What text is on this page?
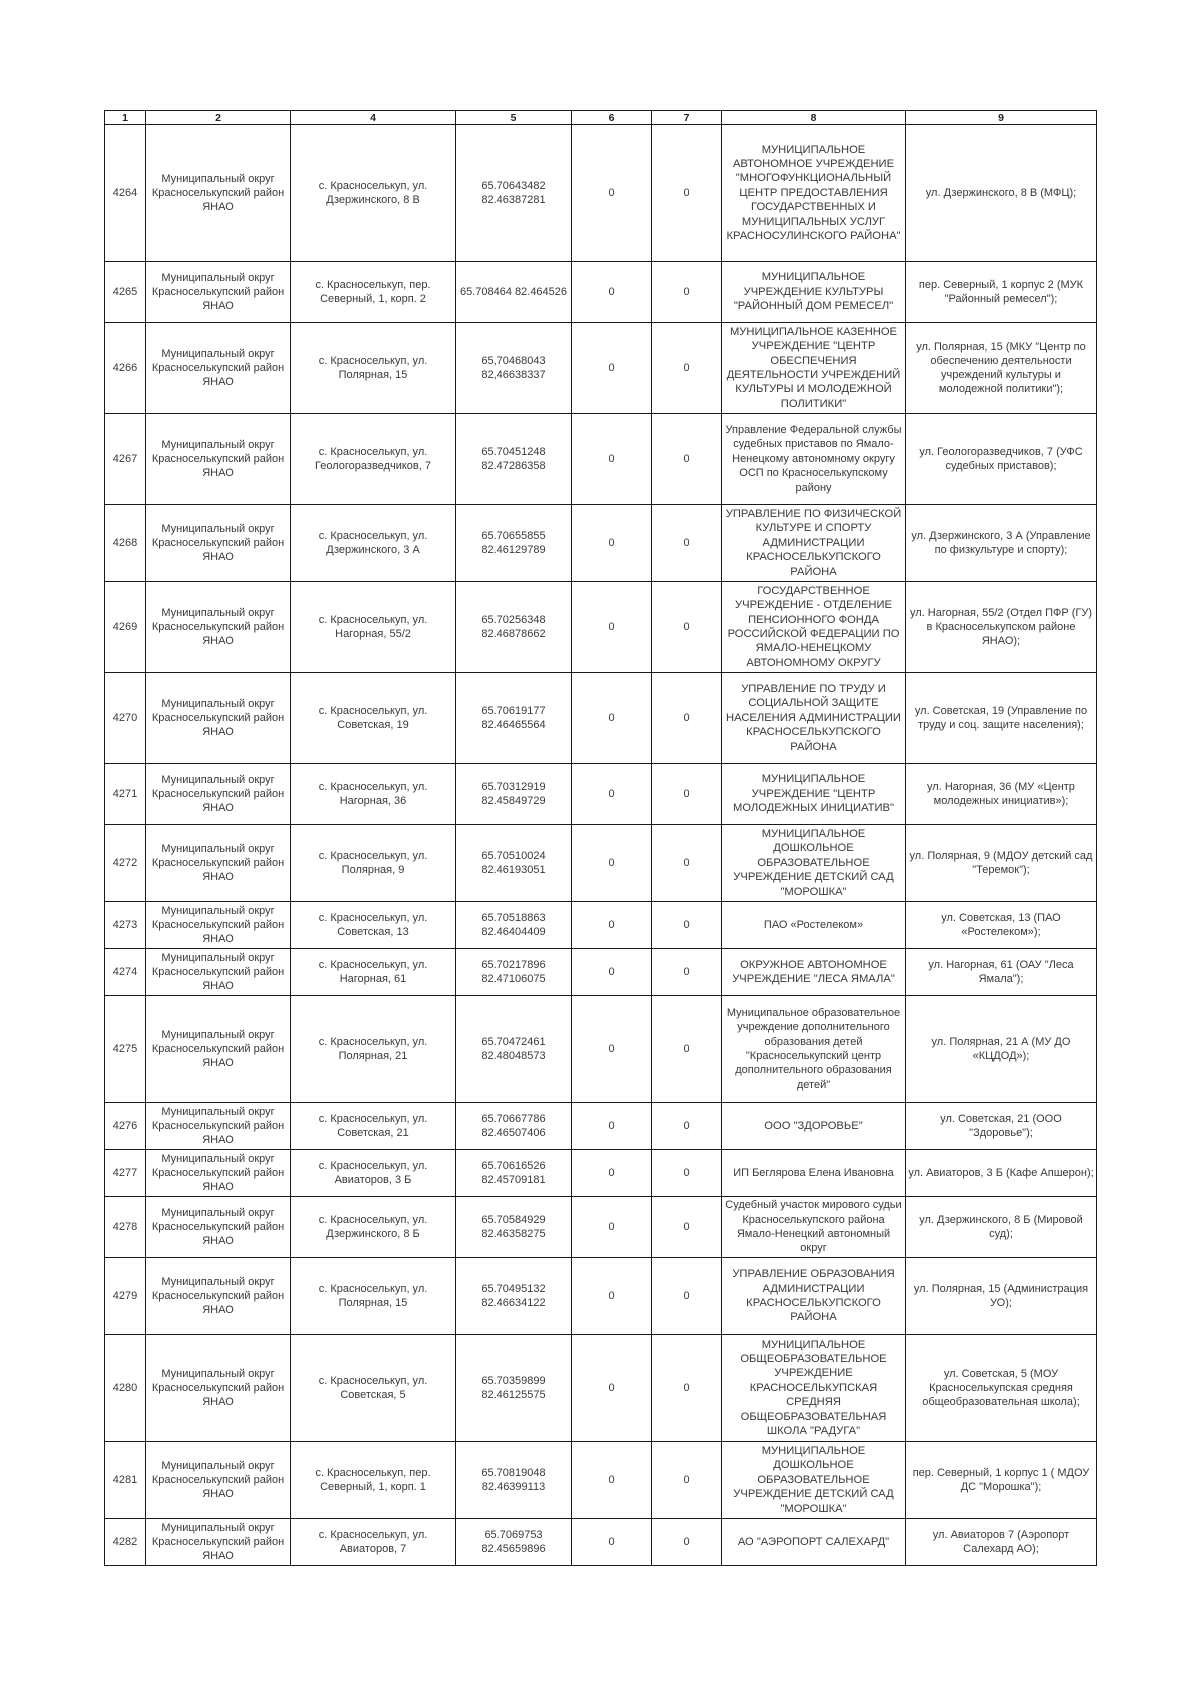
1	2	4	5	6	7	8	9
4264	Муниципальный округ Красноселькупский район ЯНАО	с. Красноселькуп, ул. Дзержинского, 8 В	65.70643482 82.46387281	0	0	МУНИЦИПАЛЬНОЕ АВТОНОМНОЕ УЧРЕЖДЕНИЕ "МНОГОФУНКЦИОНАЛЬНЫЙ ЦЕНТР ПРЕДОСТАВЛЕНИЯ ГОСУДАРСТВЕННЫХ И МУНИЦИПАЛЬНЫХ УСЛУГ КРАСНОСУЛИНСКОГО РАЙОНА"	ул. Дзержинского, 8 В (МФЦ);
4265	Муниципальный округ Красноселькупский район ЯНАО	с. Красноселькуп, пер. Северный, 1, корп. 2	65.708464 82.464526	0	0	МУНИЦИПАЛЬНОЕ УЧРЕЖДЕНИЕ КУЛЬТУРЫ "РАЙОННЫЙ ДОМ РЕМЕСЕЛ"	пер. Северный, 1 корпус 2 (МУК "Районный ремесел");
4266	Муниципальный округ Красноселькупский район ЯНАО	с. Красноселькуп, ул. Полярная, 15	65,70468043 82,46638337	0	0	МУНИЦИПАЛЬНОЕ КАЗЕННОЕ УЧРЕЖДЕНИЕ "ЦЕНТР ОБЕСПЕЧЕНИЯ ДЕЯТЕЛЬНОСТИ УЧРЕЖДЕНИЙ КУЛЬТУРЫ И МОЛОДЕЖНОЙ ПОЛИТИКИ"	ул. Полярная, 15 (МКУ "Центр по обеспечению деятельности учреждений культуры и молодежной политики");
4267	Муниципальный округ Красноселькупский район ЯНАО	с. Красноселькуп, ул. Геологоразведчиков, 7	65.70451248 82.47286358	0	0	Управление Федеральной службы судебных приставов по Ямало-Ненецкому автономному округу ОСП по Красноселькупскому району	ул. Геологоразведчиков, 7 (УФС судебных приставов);
4268	Муниципальный округ Красноселькупский район ЯНАО	с. Красноселькуп, ул. Дзержинского, 3 А	65.70655855 82.46129789	0	0	УПРАВЛЕНИЕ ПО ФИЗИЧЕСКОЙ КУЛЬТУРЕ И СПОРТУ АДМИНИСТРАЦИИ КРАСНОСЕЛЬКУПСКОГО РАЙОНА	ул. Дзержинского, 3 А (Управление по физкультуре и спорту);
4269	Муниципальный округ Красноселькупский район ЯНАО	с. Красноселькуп, ул. Нагорная, 55/2	65.70256348 82.46878662	0	0	ГОСУДАРСТВЕННОЕ УЧРЕЖДЕНИЕ - ОТДЕЛЕНИЕ ПЕНСИОННОГО ФОНДА РОССИЙСКОЙ ФЕДЕРАЦИИ ПО ЯМАЛО-НЕНЕЦКОМУ АВТОНОМНОМУ ОКРУГУ	ул. Нагорная, 55/2 (Отдел ПФР (ГУ) в Красноселькупском районе ЯНАО);
4270	Муниципальный округ Красноселькупский район ЯНАО	с. Красноселькуп, ул. Советская, 19	65.70619177 82.46465564	0	0	УПРАВЛЕНИЕ ПО ТРУДУ И СОЦИАЛЬНОЙ ЗАЩИТЕ НАСЕЛЕНИЯ АДМИНИСТРАЦИИ КРАСНОСЕЛЬКУПСКОГО РАЙОНА	ул. Советская, 19 (Управление по труду и соц. защите населения);
4271	Муниципальный округ Красноселькупский район ЯНАО	с. Красноселькуп, ул. Нагорная, 36	65.70312919 82.45849729	0	0	МУНИЦИПАЛЬНОЕ УЧРЕЖДЕНИЕ "ЦЕНТР МОЛОДЕЖНЫХ ИНИЦИАТИВ"	ул. Нагорная, 36 (МУ «Центр молодежных инициатив»);
4272	Муниципальный округ Красноселькупский район ЯНАО	с. Красноселькуп, ул. Полярная, 9	65.70510024 82.46193051	0	0	МУНИЦИПАЛЬНОЕ ДОШКОЛЬНОЕ ОБРАЗОВАТЕЛЬНОЕ УЧРЕЖДЕНИЕ ДЕТСКИЙ САД "МОРОШКА"	ул. Полярная, 9 (МДОУ детский сад "Теремок");
4273	Муниципальный округ Красноселькупский район ЯНАО	с. Красноселькуп, ул. Советская, 13	65.70518863 82.46404409	0	0	ПАО «Ростелеком»	ул. Советская, 13 (ПАО «Ростелеком»);
4274	Муниципальный округ Красноселькупский район ЯНАО	с. Красноселькуп, ул. Нагорная, 61	65.70217896 82.47106075	0	0	ОКРУЖНОЕ АВТОНОМНОЕ УЧРЕЖДЕНИЕ "ЛЕСА ЯМАЛА"	ул. Нагорная, 61 (ОАУ "Леса Ямала");
4275	Муниципальный округ Красноселькупский район ЯНАО	с. Красноселькуп, ул. Полярная, 21	65.70472461 82.48048573	0	0	Муниципальное образовательное учреждение дополнительного образования детей "Красноселькупский центр дополнительного образования детей"	ул. Полярная, 21 А (МУ ДО «КЦДОД»);
4276	Муниципальный округ Красноселькупский район ЯНАО	с. Красноселькуп, ул. Советская, 21	65.70667786 82.46507406	0	0	ООО "ЗДОРОВЬЕ"	ул. Советская, 21 (ООО "Здоровье");
4277	Муниципальный округ Красноселькупский район ЯНАО	с. Красноселькуп, ул. Авиаторов, 3 Б	65.70616526 82.45709181	0	0	ИП Беглярова Елена Ивановна	ул. Авиаторов, 3 Б (Кафе Апшерон);
4278	Муниципальный округ Красноселькупский район ЯНАО	с. Красноселькуп, ул. Дзержинского, 8 Б	65.70584929 82.46358275	0	0	Судебный участок мирового судьи Красноселькупского района Ямало-Ненецкий автономный округ	ул. Дзержинского, 8 Б (Мировой суд);
4279	Муниципальный округ Красноселькупский район ЯНАО	с. Красноселькуп, ул. Полярная, 15	65.70495132 82.46634122	0	0	УПРАВЛЕНИЕ ОБРАЗОВАНИЯ АДМИНИСТРАЦИИ КРАСНОСЕЛЬКУПСКОГО РАЙОНА	ул. Полярная, 15 (Администрация УО);
4280	Муниципальный округ Красноселькупский район ЯНАО	с. Красноселькуп, ул. Советская, 5	65.70359899 82.46125575	0	0	МУНИЦИПАЛЬНОЕ ОБЩЕОБРАЗОВАТЕЛЬНОЕ УЧРЕЖДЕНИЕ КРАСНОСЕЛЬКУПСКАЯ СРЕДНЯЯ ОБЩЕОБРАЗОВАТЕЛЬНАЯ ШКОЛА "РАДУГА"	ул. Советская, 5 (МОУ Красноселькупская средняя общеобразовательная школа);
4281	Муниципальный округ Красноселькупский район ЯНАО	с. Красноселькуп, пер. Северный, 1, корп. 1	65.70819048 82.46399113	0	0	МУНИЦИПАЛЬНОЕ ДОШКОЛЬНОЕ ОБРАЗОВАТЕЛЬНОЕ УЧРЕЖДЕНИЕ ДЕТСКИЙ САД "МОРОШКА"	пер. Северный, 1 корпус 1 ( МДОУ ДС "Морошка");
4282	Муниципальный округ Красноселькупский район ЯНАО	с. Красноселькуп, ул. Авиаторов, 7	65.7069753 82.45659896	0	0	АО "АЭРОПОРТ САЛЕХАРД"	ул. Авиаторов 7 (Аэропорт Салехард АО);
